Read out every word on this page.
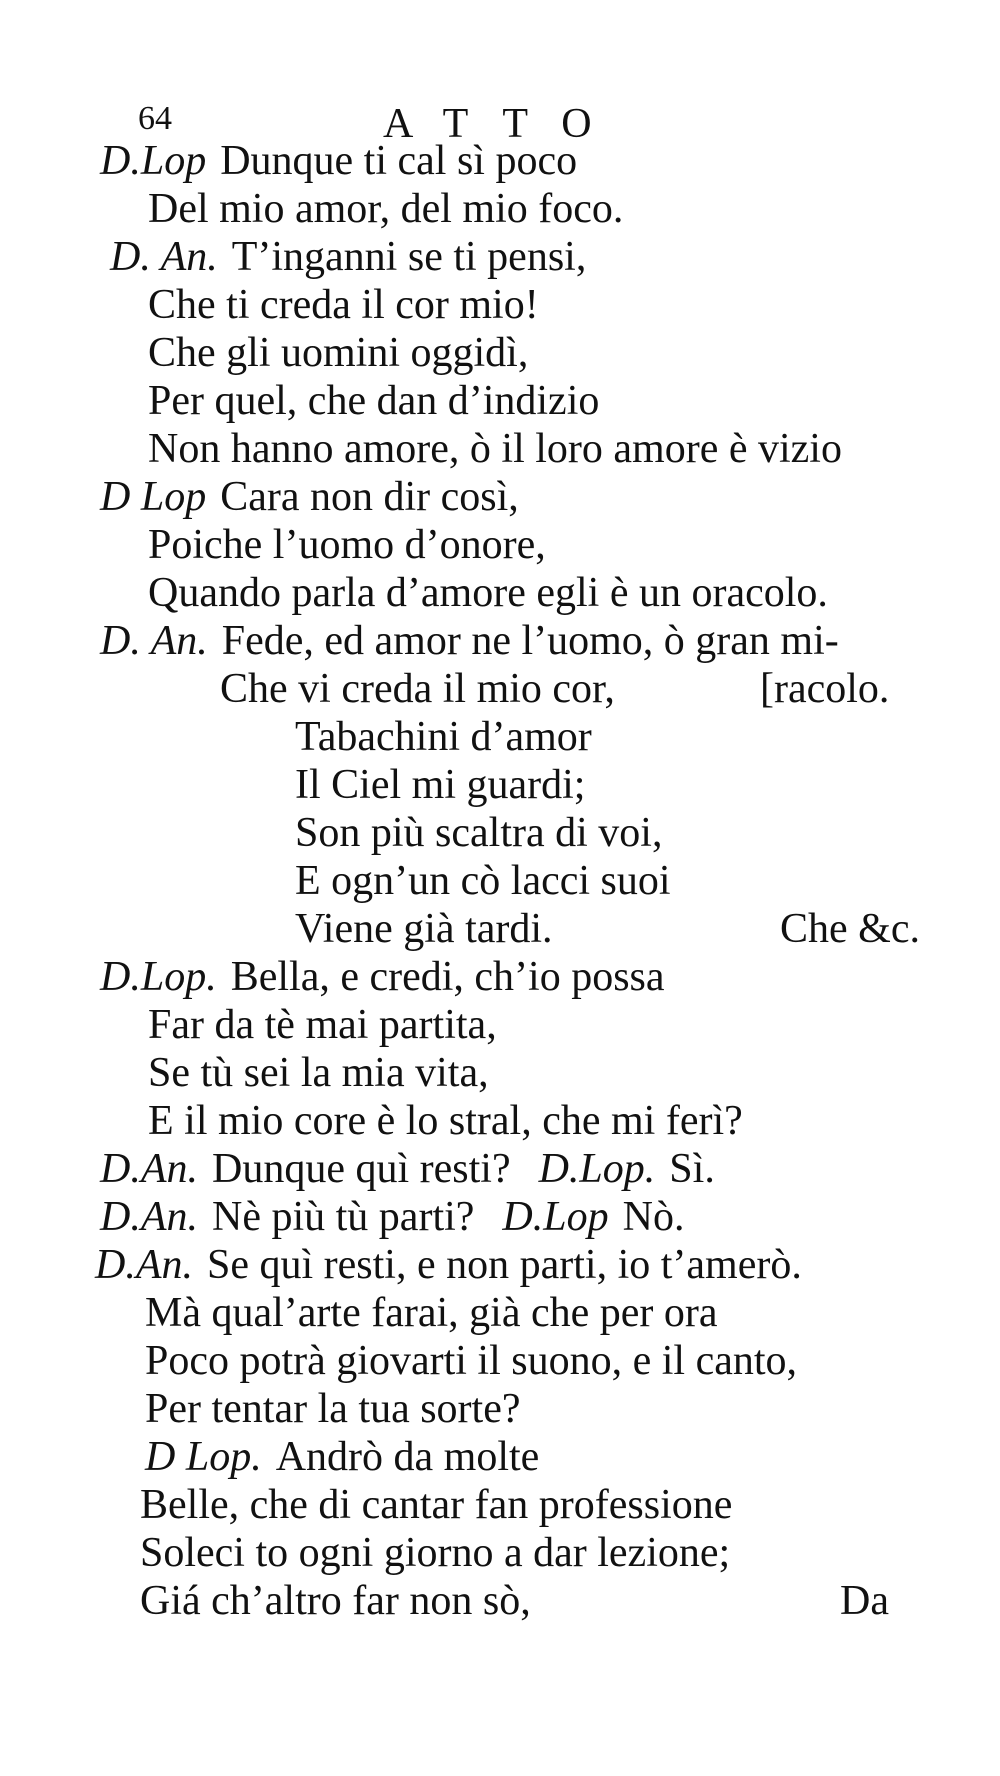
64	ATTO
D.Lop Dunque ti cal sì poco
Del mio amor, del mio foco.
D. An. T’inganni se ti pensi,
Che ti creda il cor mio!
Che gli uomini oggidì,
Per quel, che dan d’indizio
Non hanno amore, ò il loro amore è vizio
D Lop Cara non dir così,
Poiche l’uomo d’onore,
Quando parla d’amore egli è un oracolo.
D. An. Fede, ed amor ne l’uomo, ò gran mi-
Che vi creda il mio cor,	[racolo.
Tabachini d’amor
Il Ciel mi guardi;
Son più scaltra di voi,
E ogn’un cò lacci suoi
Viene già tardi.	Che &c.
D.Lop. Bella, e credi, ch’io possa
Far da tè mai partita,
Se tù sei la mia vita,
E il mio core è lo stral, che mi ferì?
D.An. Dunque quì resti? D.Lop. Sì.
D.An. Nè più tù parti? D.Lop Nò.
D.An. Se quì resti, e non parti, io t’amerò.
Mà qual’arte farai, già che per ora
Poco potrà giovarti il suono, e il canto,
Per tentar la tua sorte?
D Lop. Andrò da molte
Belle, che di cantar fan professione
Soleci to ogni giorno a dar lezione;
Giá ch’altro far non sò,	Da
